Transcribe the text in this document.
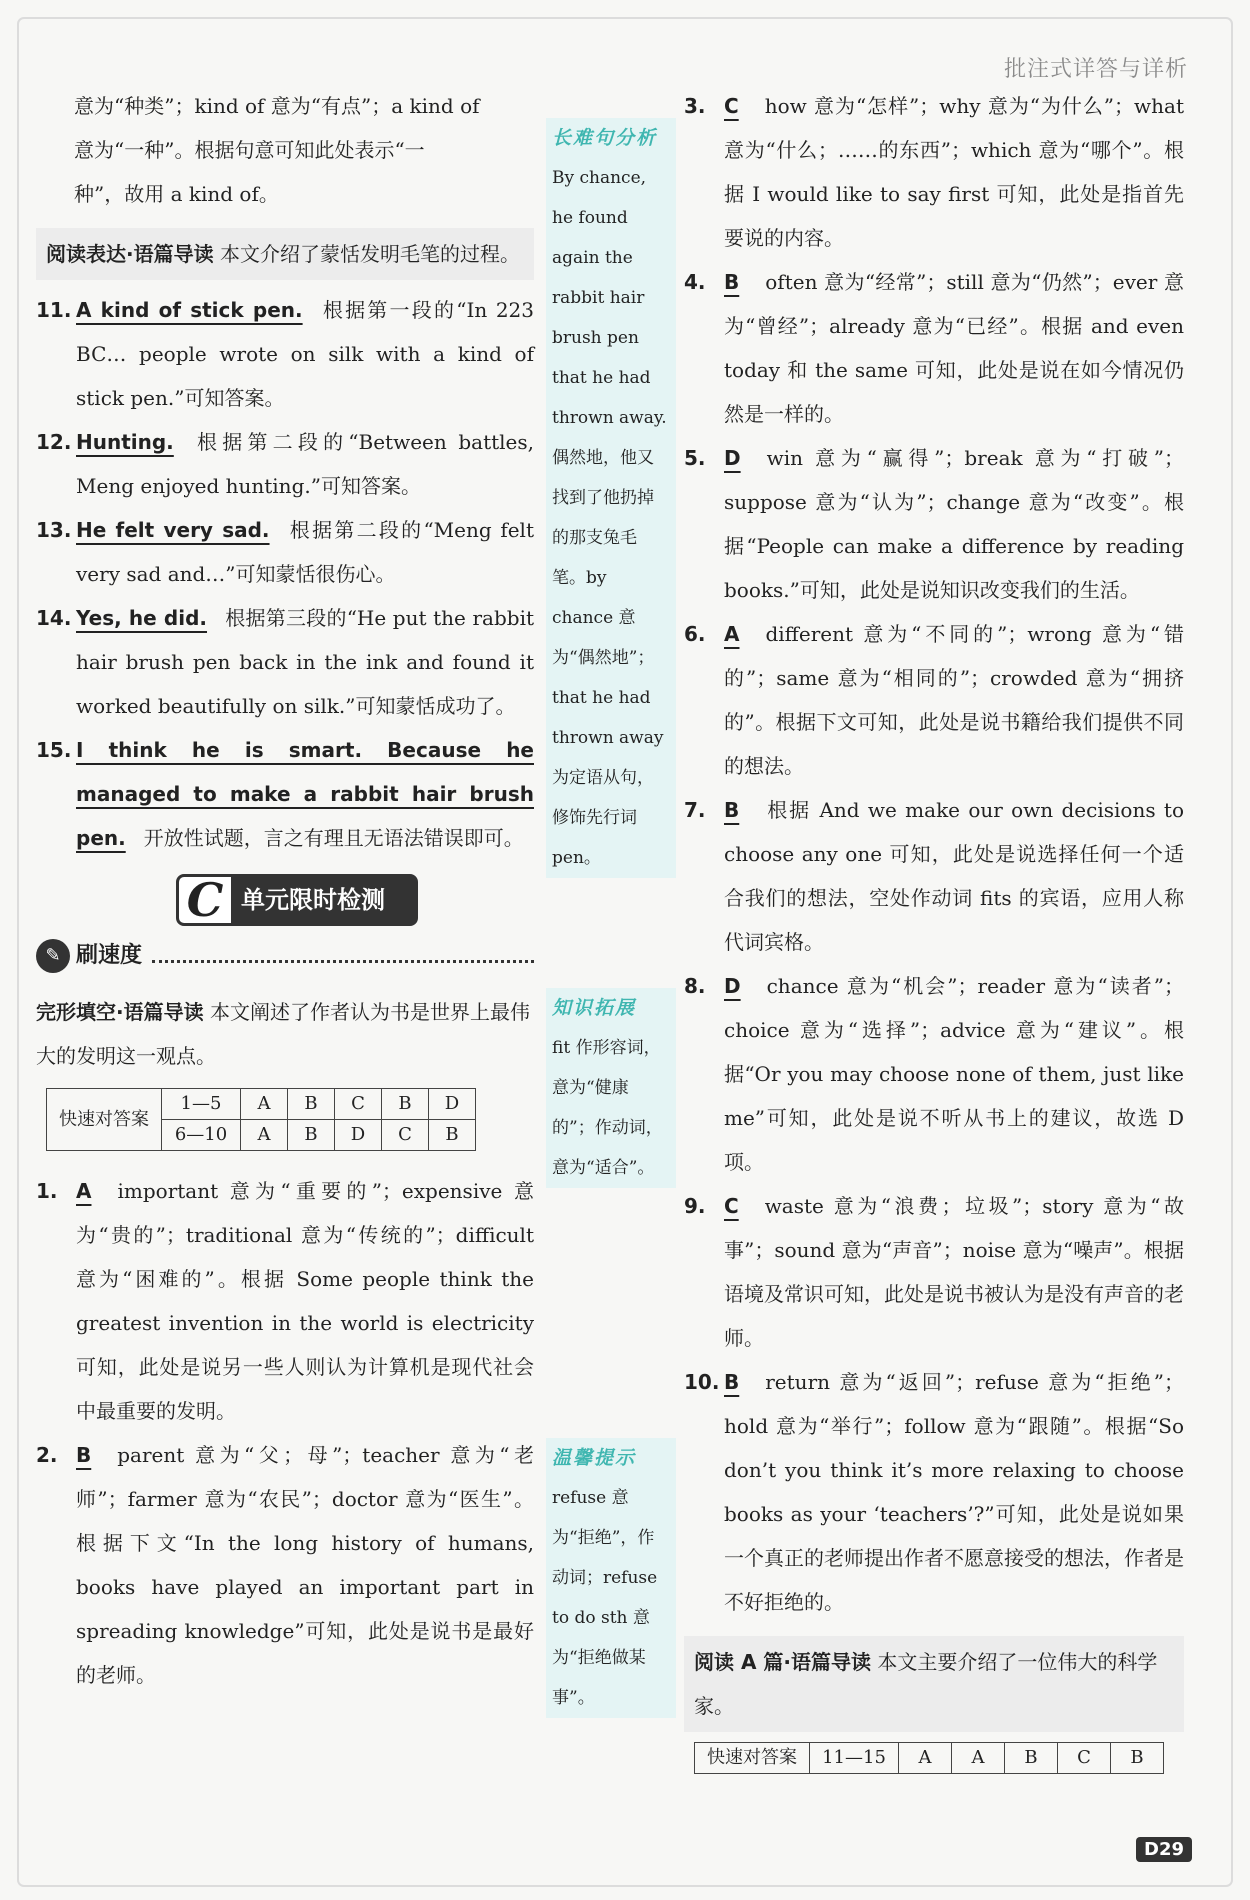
批注式详答与详析

意为“种类”；kind of 意为“有点”；a kind of

意为“一种”。根据句意可知此处表示“一

种”，故用 a kind of。

阅读表达·语篇导读 本文介绍了蒙恬发明毛笔的过程。
11. A kind of stick pen. 根据第一段的“In 223 BC… people wrote on silk with a kind of stick pen.”可知答案。
12. Hunting. 根据第二段的“Between battles, Meng enjoyed hunting.”可知答案。
13. He felt very sad. 根据第二段的“Meng felt very sad and…”可知蒙恬很伤心。
14. Yes, he did. 根据第三段的“He put the rabbit hair brush pen back in the ink and found it worked beautifully on silk.”可知蒙恬成功了。
15. I think he is smart. Because he managed to make a rabbit hair brush pen. 开放性试题，言之有理且无语法错误即可。
C 单元限时检测
✎ 刷速度
完形填空·语篇导读 本文阐述了作者认为书是世界上最伟大的发明这一观点。
快速对答案	1—5	A	B	C	B	D
	6—10	A	B	D	C	B
1. A important 意为“重要的”；expensive 意为“贵的”；traditional 意为“传统的”；difficult 意为“困难的”。根据 Some people think the greatest invention in the world is electricity 可知，此处是说另一些人则认为计算机是现代社会中最重要的发明。
2. B parent 意为“父；母”；teacher 意为“老师”；farmer 意为“农民”；doctor 意为“医生”。根据下文“In the long history of humans, books have played an important part in spreading knowledge”可知，此处是说书是最好的老师。
长难句分析
By chance, he found again the rabbit hair brush pen that he had thrown away. 偶然地，他又找到了他扔掉的那支兔毛笔。by chance 意为“偶然地”；that he had thrown away 为定语从句，修饰先行词 pen。
知识拓展
fit 作形容词，意为“健康的”；作动词，意为“适合”。
温馨提示
refuse 意为“拒绝”，作动词；refuse to do sth 意为“拒绝做某事”。
3. C how 意为“怎样”；why 意为“为什么”；what 意为“什么；……的东西”；which 意为“哪个”。根据 I would like to say first 可知，此处是指首先要说的内容。
4. B often 意为“经常”；still 意为“仍然”；ever 意为“曾经”；already 意为“已经”。根据 and even today 和 the same 可知，此处是说在如今情况仍然是一样的。
5. D win 意为“赢得”；break 意为“打破”；suppose 意为“认为”；change 意为“改变”。根据“People can make a difference by reading books.”可知，此处是说知识改变我们的生活。
6. A different 意为“不同的”；wrong 意为“错的”；same 意为“相同的”；crowded 意为“拥挤的”。根据下文可知，此处是说书籍给我们提供不同的想法。
7. B 根据 And we make our own decisions to choose any one 可知，此处是说选择任何一个适合我们的想法，空处作动词 fits 的宾语，应用人称代词宾格。
8. D chance 意为“机会”；reader 意为“读者”；choice 意为“选择”；advice 意为“建议”。根据“Or you may choose none of them, just like me”可知，此处是说不听从书上的建议，故选 D 项。
9. C waste 意为“浪费；垃圾”；story 意为“故事”；sound 意为“声音”；noise 意为“噪声”。根据语境及常识可知，此处是说书被认为是没有声音的老师。
10. B return 意为“返回”；refuse 意为“拒绝”；hold 意为“举行”；follow 意为“跟随”。根据“So don’t you think it’s more relaxing to choose books as your ‘teachers’?”可知，此处是说如果一个真正的老师提出作者不愿意接受的想法，作者是不好拒绝的。
阅读 A 篇·语篇导读 本文主要介绍了一位伟大的科学家。
快速对答案	11—15	A	A	B	C	B
D29
